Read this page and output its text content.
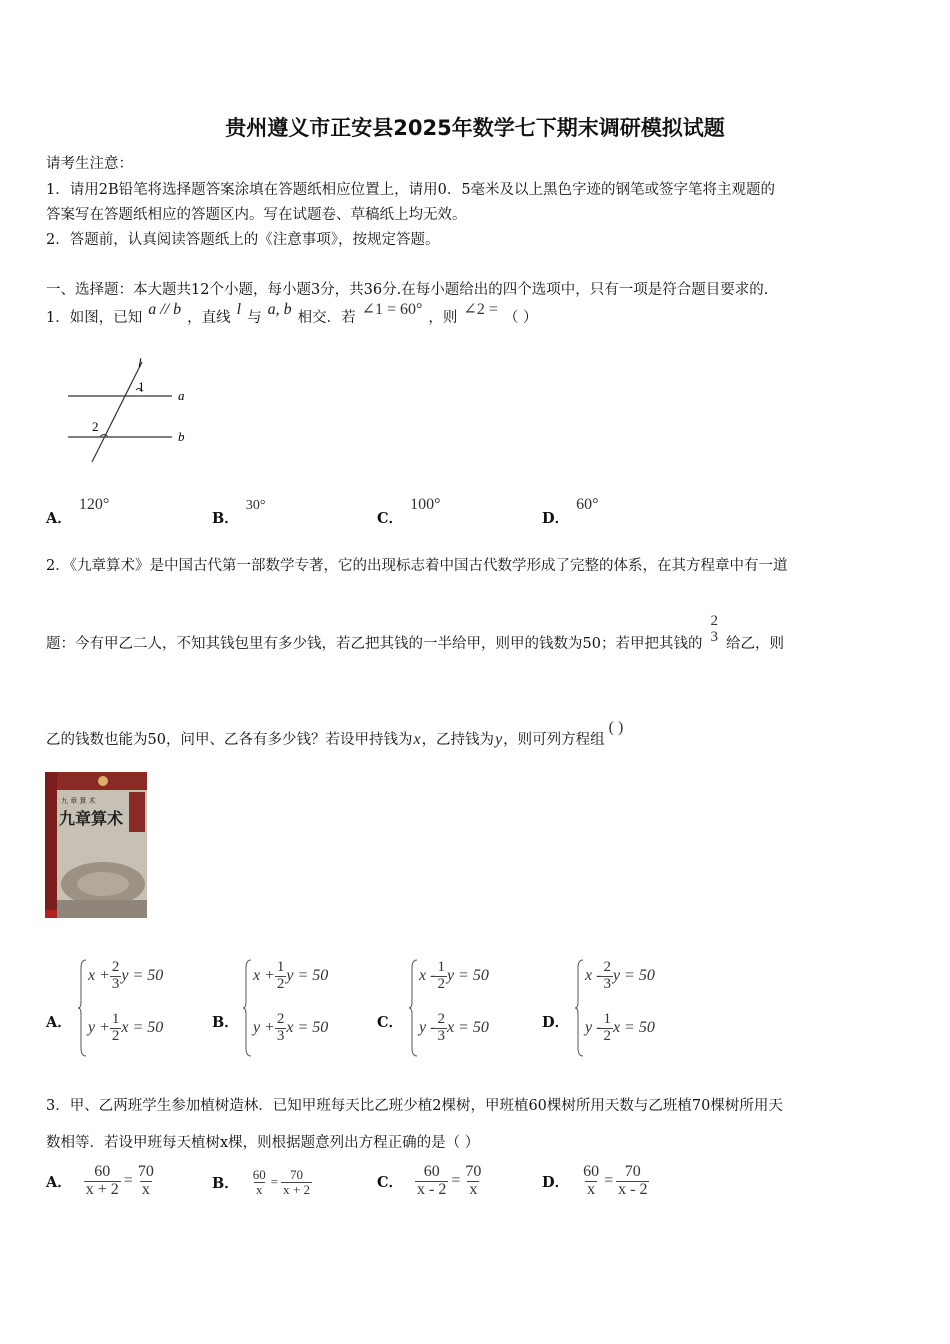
贵州遵义市正安县2025年数学七下期末调研模拟试题
请考生注意：
1．请用2B铅笔将选择题答案涂填在答题纸相应位置上，请用0．5毫米及以上黑色字迹的钢笔或签字笔将主观题的
答案写在答题纸相应的答题区内。写在试题卷、草稿纸上均无效。
2．答题前，认真阅读答题纸上的《注意事项》，按规定答题。
一、选择题：本大题共12个小题，每小题3分，共36分.在每小题给出的四个选项中，只有一项是符合题目要求的.
1．如图，已知 a // b ，直线 l 与 a, b 相交．若 ∠1 = 60° ，则 ∠2 = （ ）
l
1
2
a
b
A． 120°
B． 30°
C． 100°
D． 60°
2．《九章算术》是中国古代第一部数学专著，它的出现标志着中国古代数学形成了完整的体系，在其方程章中有一道
题：今有甲乙二人，不知其钱包里有多少钱，若乙把其钱的一半给甲，则甲的钱数为50；若甲把其钱的
2
3 给乙，则
乙的钱数也能为50，问甲、乙各有多少钱？若设甲持钱为 x ，乙持钱为 y ，则可列方程组
( )
九 章 算 术
九章算术
A．
$x + \frac{2}{3}$ y = 50
$y + \frac{1}{2}$ x = 50	B．
$x + \frac{1}{2}$ y = 50
$y + \frac{2}{3}$ x = 50	C．
x - $\frac{1}{2}$ y = 50
y - $\frac{2}{3}$ x = 50	D．
x - $\frac{2}{3}$ y = 50
y - $\frac{1}{2}$ x = 50
3．甲、乙两班学生参加植树造林．已知甲班每天比乙班少植2棵树，甲班植60棵树所用天数与乙班植70棵树所用天
数相等．若设甲班每天植树x棵，则根据题意列出方程正确的是（ ）
A． $\frac{60}{x + 2} = \frac{70}{x}$	B． $\frac{60}{x} = \frac{70}{x + 2}$	C． $\frac{60}{x - 2} = \frac{70}{x}$	D． $\frac{60}{x} = \frac{70}{x - 2}$
